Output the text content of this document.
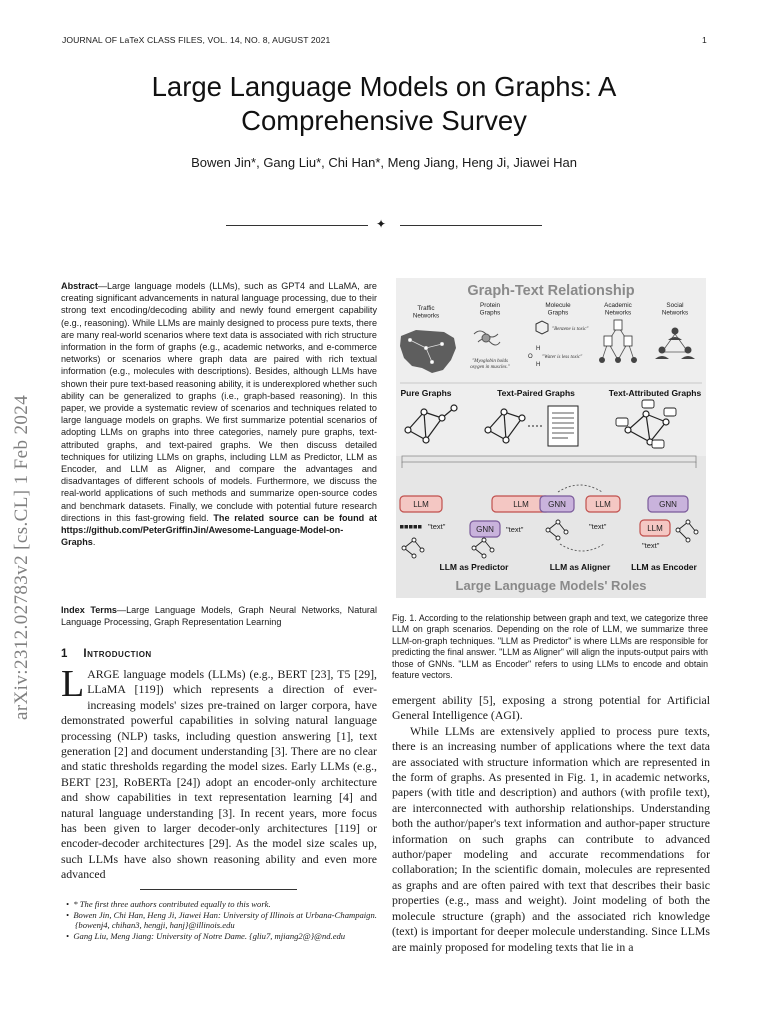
JOURNAL OF LaTeX CLASS FILES, VOL. 14, NO. 8, AUGUST 2021	1
Large Language Models on Graphs: A
Comprehensive Survey
Bowen Jin*, Gang Liu*, Chi Han*, Meng Jiang, Heng Ji, Jiawei Han
✦
arXiv:2312.02783v2 [cs.CL] 1 Feb 2024
Abstract—Large language models (LLMs), such as GPT4 and LLaMA, are creating significant advancements in natural language processing, due to their strong text encoding/decoding ability and newly found emergent capability (e.g., reasoning). While LLMs are mainly designed to process pure texts, there are many real-world scenarios where text data is associated with rich structure information in the form of graphs (e.g., academic networks, and e-commerce networks) or scenarios where graph data are paired with rich textual information (e.g., molecules with descriptions). Besides, although LLMs have shown their pure text-based reasoning ability, it is underexplored whether such ability can be generalized to graphs (i.e., graph-based reasoning). In this paper, we provide a systematic review of scenarios and techniques related to large language models on graphs. We first summarize potential scenarios of adopting LLMs on graphs into three categories, namely pure graphs, text-attributed graphs, and text-paired graphs. We then discuss detailed techniques for utilizing LLMs on graphs, including LLM as Predictor, LLM as Encoder, and LLM as Aligner, and compare the advantages and disadvantages of different schools of models. Furthermore, we discuss the real-world applications of such methods and summarize open-source codes and benchmark datasets. Finally, we conclude with potential future research directions in this fast-growing field. The related source can be found at https://github.com/PeterGriffinJin/Awesome-Language-Model-on-Graphs.
Index Terms—Large Language Models, Graph Neural Networks, Natural Language Processing, Graph Representation Learning
1 Introduction
LARGE language models (LLMs) (e.g., BERT [23], T5 [29], LLaMA [119]) which represents a direction of ever-increasing models' sizes pre-trained on larger corpora, have demonstrated powerful capabilities in solving natural language processing (NLP) tasks, including question answering [1], text generation [2] and document understanding [3]. There are no clear and static thresholds regarding the model sizes. Early LLMs (e.g., BERT [23], RoBERTa [24]) adopt an encoder-only architecture and show capabilities in text representation learning [4] and natural language understanding [3]. In recent years, more focus has been given to larger decoder-only architectures [119] or encoder-decoder architectures [29]. As the model size scales up, such LLMs have also shown reasoning ability and even more advanced
•  * The first three authors contributed equally to this work.
•  Bowen Jin, Chi Han, Heng Ji, Jiawei Han: University of Illinois at Urbana-Champaign. {bowenj4, chihan3, hengji, hanj}@illinois.edu
•  Gang Liu, Meng Jiang: University of Notre Dame. {gliu7, mjiang2@}@nd.edu
Graph-Text Relationship
Traffic Networks
Protein Graphs
Molecule Graphs
Academic Networks
Social Networks
"Myoglobin holds oxygen in muscles."
"Benzene is toxic"
H
O
H
"Water is less toxic"
Pure Graphs	Text-Paired Graphs	Text-Attributed Graphs
LLM	LLM
"text"	GNN "text"
LLM as Predictor
GNN	LLM
"text"
LLM as Aligner
GNN
LLM
"text"
LLM as Encoder
Large Language Models' Roles
Fig. 1. According to the relationship between graph and text, we categorize three LLM on graph scenarios. Depending on the role of LLM, we summarize three LLM-on-graph techniques. "LLM as Predictor" is where LLMs are responsible for predicting the final answer. "LLM as Aligner" will align the inputs-output pairs with those of GNNs. "LLM as Encoder" refers to using LLMs to encode and obtain feature vectors.
emergent ability [5], exposing a strong potential for Artificial General Intelligence (AGI).
While LLMs are extensively applied to process pure texts, there is an increasing number of applications where the text data are associated with structure information which are represented in the form of graphs. As presented in Fig. 1, in academic networks, papers (with title and description) and authors (with profile text), are interconnected with authorship relationships. Understanding both the author/paper's text information and author-paper structure information on such graphs can contribute to advanced author/paper modeling and accurate recommendations for collaboration; In the scientific domain, molecules are represented as graphs and are often paired with text that describes their basic properties (e.g., mass and weight). Joint modeling of both the molecule structure (graph) and the associated rich knowledge (text) is important for deeper molecule understanding. Since LLMs are mainly proposed for modeling texts that lie in a
